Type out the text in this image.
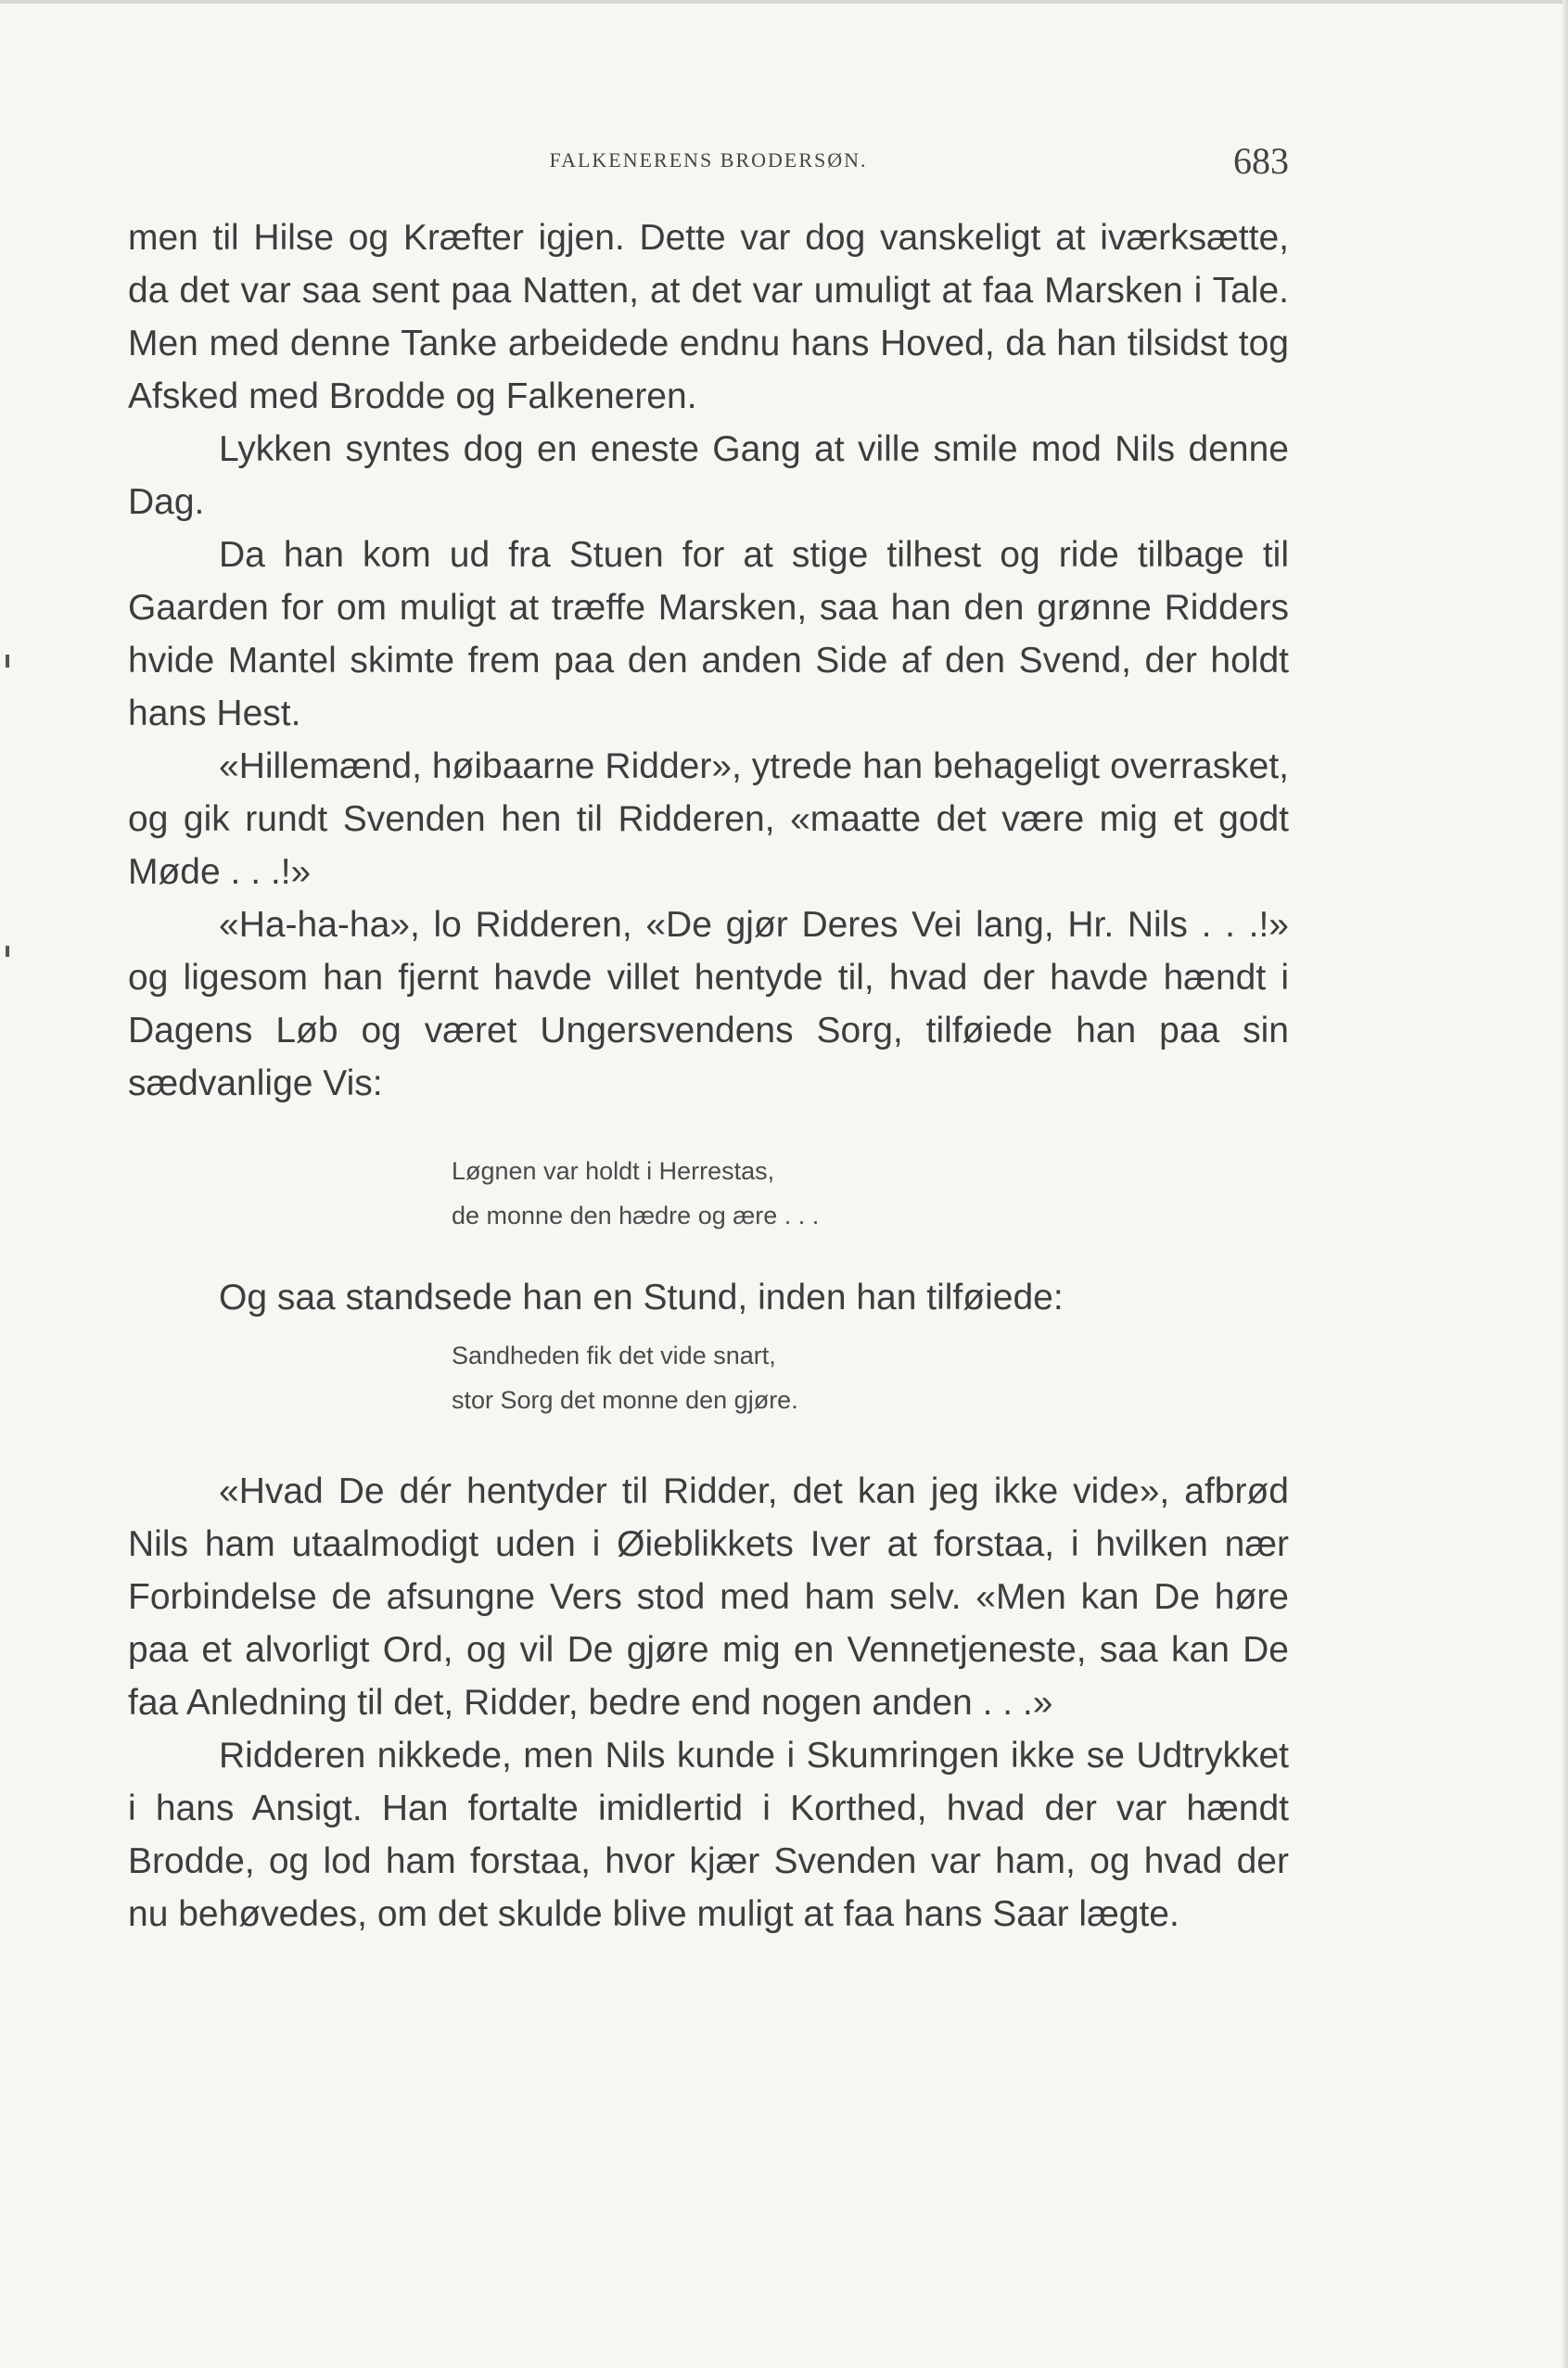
FALKENERENS BRODERSØN.	683

men til Hilse og Kræfter igjen. Dette var dog vanskeligt at iværksætte, da det var saa sent paa Natten, at det var umuligt at faa Marsken i Tale. Men med denne Tanke arbeidede endnu hans Hoved, da han tilsidst tog Afsked med Brodde og Falkeneren.

Lykken syntes dog en eneste Gang at ville smile mod Nils denne Dag.

Da han kom ud fra Stuen for at stige tilhest og ride tilbage til Gaarden for om muligt at træffe Marsken, saa han den grønne Ridders hvide Mantel skimte frem paa den anden Side af den Svend, der holdt hans Hest.

«Hillemænd, høibaarne Ridder», ytrede han behageligt overrasket, og gik rundt Svenden hen til Ridderen, «maatte det være mig et godt Møde . . .!»

«Ha-ha-ha», lo Ridderen, «De gjør Deres Vei lang, Hr. Nils . . .!» og ligesom han fjernt havde villet hentyde til, hvad der havde hændt i Dagens Løb og været Ungersvendens Sorg, tilføiede han paa sin sædvanlige Vis:

Løgnen var holdt i Herrestas,
de monne den hædre og ære . . .

Og saa standsede han en Stund, inden han tilføiede:

Sandheden fik det vide snart,
stor Sorg det monne den gjøre.

«Hvad De dér hentyder til Ridder, det kan jeg ikke vide», afbrød Nils ham utaalmodigt uden i Øieblikkets Iver at forstaa, i hvilken nær Forbindelse de afsungne Vers stod med ham selv. «Men kan De høre paa et alvorligt Ord, og vil De gjøre mig en Vennetjeneste, saa kan De faa Anledning til det, Ridder, bedre end nogen anden . . .»

Ridderen nikkede, men Nils kunde i Skumringen ikke se Udtrykket i hans Ansigt. Han fortalte imidlertid i Korthed, hvad der var hændt Brodde, og lod ham forstaa, hvor kjær Svenden var ham, og hvad der nu behøvedes, om det skulde blive muligt at faa hans Saar lægte.
